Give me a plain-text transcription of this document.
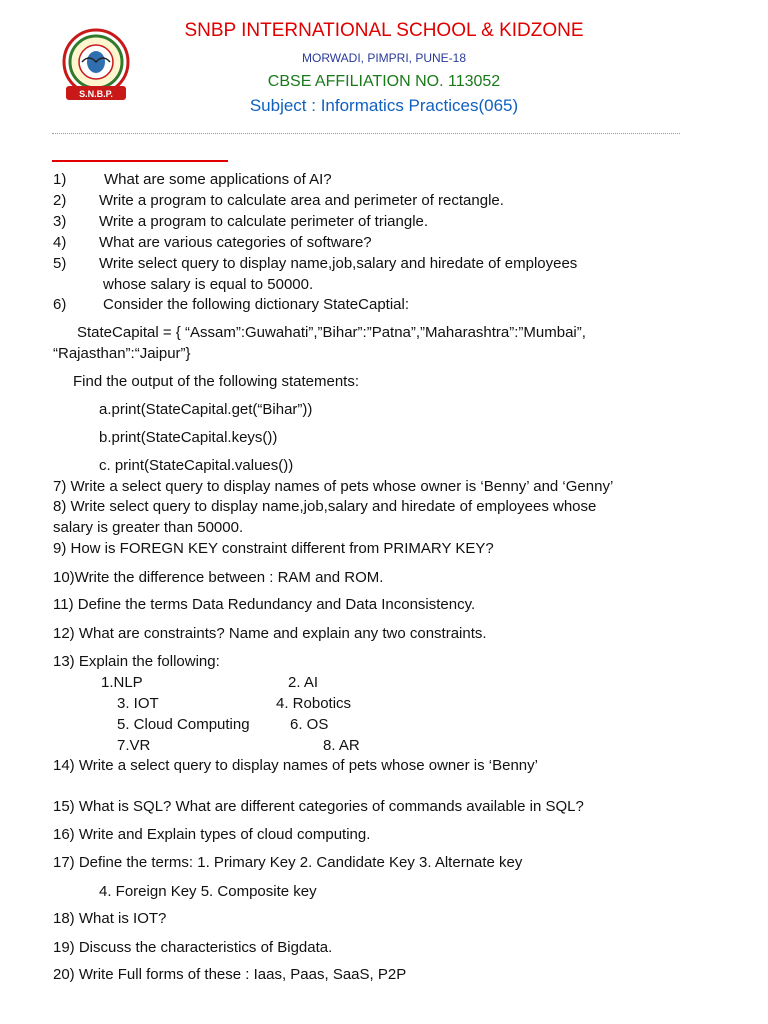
S.N.B.P.
SNBP INTERNATIONAL SCHOOL & KIDZONE
MORWADI, PIMPRI, PUNE-18
CBSE AFFILIATION NO. 113052
Subject : Informatics Practices(065)
1)	What are some applications of AI?
2) Write a program to calculate area and perimeter of rectangle.
3) Write a program to calculate perimeter of triangle.
4) What are various categories of software?
5) Write select query to display name,job,salary and hiredate of employees
whose salary is equal to 50000.
6) Consider the following dictionary StateCaptial:
StateCapital = { “Assam”:Guwahati”,”Bihar”:”Patna”,”Maharashtra”:”Mumbai”,
“Rajasthan”:“Jaipur”}
Find the output of the following statements:
a.print(StateCapital.get(“Bihar”))
b.print(StateCapital.keys())
c. print(StateCapital.values())
7) Write a select query to display names of pets whose owner is ‘Benny’ and ‘Genny’
8) Write select query to display name,job,salary and hiredate of employees whose
salary is greater than 50000.
9) How is FOREGN KEY constraint different from PRIMARY KEY?
10)Write the difference between : RAM and ROM.
11) Define the terms Data Redundancy and Data Inconsistency.
12) What are constraints? Name and explain any two constraints.
13) Explain the following:
1.NLP	2. AI
3. IOT	4. Robotics
5. Cloud Computing	6. OS
7.VR	8. AR
14) Write a select query to display names of pets whose owner is ‘Benny’
15) What is SQL? What are different categories of commands available in SQL?
16) Write and Explain types of cloud computing.
17) Define the terms: 1. Primary Key 2. Candidate Key 3. Alternate key
4. Foreign Key 5. Composite key
18) What is IOT?
19) Discuss the characteristics of Bigdata.
20) Write Full forms of these : Iaas, Paas, SaaS, P2P
